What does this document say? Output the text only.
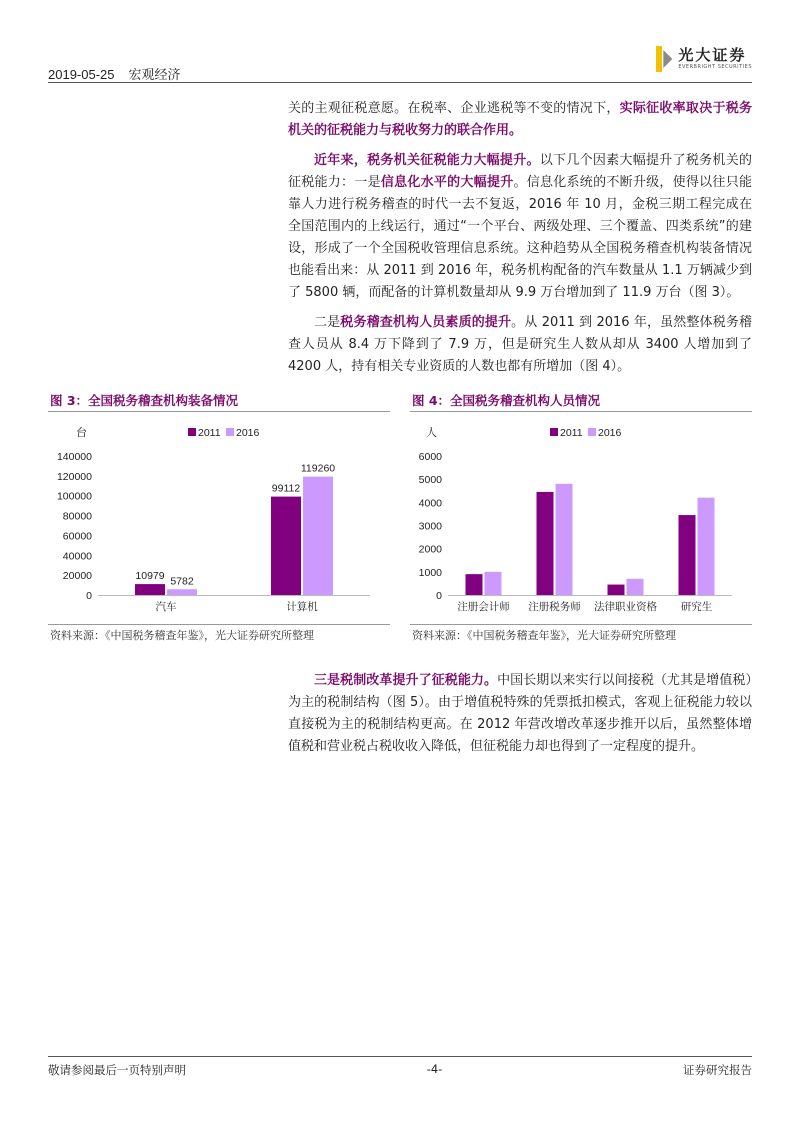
2019-05-25 宏观经济
光大证券
EVERBRIGHT SECURITIES

关的主观征税意愿。在税率、企业逃税等不变的情况下，实际征收率取决于税务机关的征税能力与税收努力的联合作用。

近年来，税务机关征税能力大幅提升。以下几个因素大幅提升了税务机关的征税能力：一是信息化水平的大幅提升。信息化系统的不断升级，使得以往只能靠人力进行税务稽查的时代一去不复返，2016 年 10 月，金税三期工程完成在全国范围内的上线运行，通过“一个平台、两级处理、三个覆盖、四类系统”的建设，形成了一个全国税收管理信息系统。这种趋势从全国税务稽查机构装备情况也能看出来：从 2011 到 2016 年，税务机构配备的汽车数量从 1.1 万辆减少到了 5800 辆，而配备的计算机数量却从 9.9 万台增加到了 11.9 万台（图 3）。

二是税务稽查机构人员素质的提升。从 2011 到 2016 年，虽然整体税务稽查人员从 8.4 万下降到了 7.9 万，但是研究生人数从却从 3400 人增加到了 4200 人，持有相关专业资质的人数也都有所增加（图 4）。

图 3：全国税务稽查机构装备情况	图 4：全国税务稽查机构人员情况
台	2011 2016
0
20000
40000
60000
80000
100000
120000
140000
10979 5782
汽车
99112
119260
计算机
人	2011 2016
0
1000
2000
3000
4000
5000
6000
注册会计师 注册税务师 法律职业资格 研究生
资料来源：《中国税务稽查年鉴》，光大证券研究所整理	资料来源：《中国税务稽查年鉴》，光大证券研究所整理

三是税制改革提升了征税能力。中国长期以来实行以间接税（尤其是增值税）为主的税制结构（图 5）。由于增值税特殊的凭票抵扣模式，客观上征税能力较以直接税为主的税制结构更高。在 2012 年营改增改革逐步推开以后，虽然整体增值税和营业税占税收收入降低，但征税能力却也得到了一定程度的提升。

敬请参阅最后一页特别声明	-4-	证券研究报告
